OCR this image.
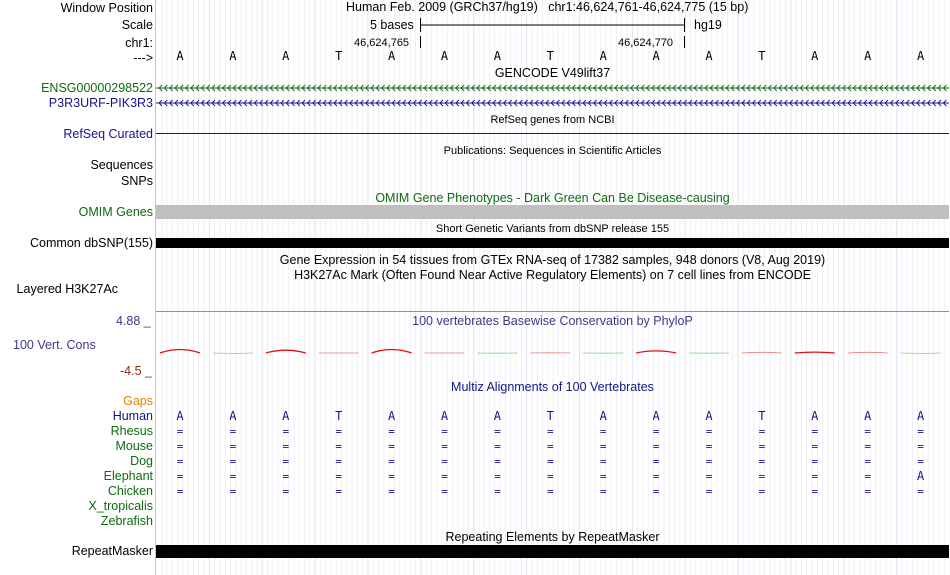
Window Position
Scale
chr1:
--->
Human Feb. 2009 (GRCh37/hg19) chr1:46,624,761-46,624,775 (15 bp)
5 bases	hg19
46,624,765	46,624,770
A	A	A	T	A	A	A	T	A	A	A	T	A	A	A
GENCODE V49lift37
ENSG00000298522
P3R3URF-PIK3R3
RefSeq genes from NCBI
RefSeq Curated
Publications: Sequences in Scientific Articles
Sequences
SNPs
OMIM Gene Phenotypes - Dark Green Can Be Disease-causing
OMIM Genes
Short Genetic Variants from dbSNP release 155
Common dbSNP(155)
Gene Expression in 54 tissues from GTEx RNA-seq of 17382 samples, 948 donors (V8, Aug 2019)
H3K27Ac Mark (Often Found Near Active Regulatory Elements) on 7 cell lines from ENCODE
Layered H3K27Ac
4.88 _	100 vertebrates Basewise Conservation by PhyloP
100 Vert. Cons
-4.5 _
Multiz Alignments of 100 Vertebrates
Gaps
Human	A	A	A	T	A	A	A	T	A	A	A	T	A	A	A
Rhesus	=	=	=	=	=	=	=	=	=	=	=	=	=	=	=
Mouse	=	=	=	=	=	=	=	=	=	=	=	=	=	=	=
Dog	=	=	=	=	=	=	=	=	=	=	=	=	=	=	=
Elephant	=	=	=	=	=	=	=	=	=	=	=	=	=	=	A
Chicken	=	=	=	=	=	=	=	=	=	=	=	=	=	=	=
X_tropicalis
Zebrafish
Repeating Elements by RepeatMasker
RepeatMasker
